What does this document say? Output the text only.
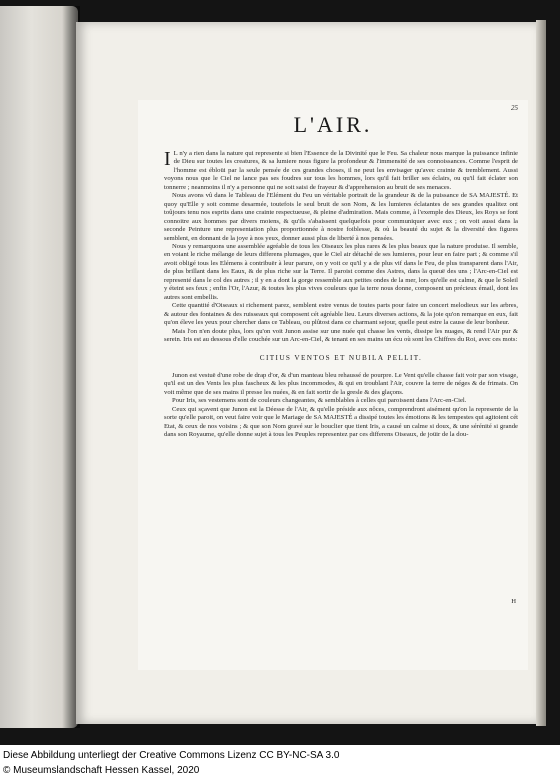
25
L'AIR.

I L n'y a rien dans la nature qui represente si bien l'Essence de la Divinité que le Feu. Sa chaleur nous marque la puissance infinie de Dieu sur toutes les creatures, & sa lumiere nous figure la profondeur & l'immensité de ses connoissances. Comme l'esprit de l'homme est ébloüi par la seule pensée de ces grandes choses, il ne peut les envisager qu'avec crainte & tremblement. Aussi voyons nous que le Ciel ne lance pas ses foudres sur tous les hommes, lors qu'il fait briller ses éclairs, ou qu'il fait éclater son tonnerre ; neanmoins il n'y a personne qui ne soit saisi de frayeur & d'apprehension au bruit de ses menaces.

Nous avons vû dans le Tableau de l'Elément du Feu un véritable portrait de la grandeur & de la puissance de SA MAJESTÉ. Et quoy qu'Elle y soit comme desarmée, toutefois le seul bruit de son Nom, & les lumieres éclatantes de ses grandes qualitez ont toûjours tenu nos esprits dans une crainte respectueuse, & pleine d'admiration. Mais comme, à l'exemple des Dieux, les Roys se font connoitre aux hommes par divers moiens, & qu'ils s'abaissent quelquefois pour communiquer avec eux ; on voit aussi dans la seconde Peinture une representation plus proportionnée à nostre foiblesse, & où la beauté du sujet & la diversité des figures semblent, en donnant de la joye à nos yeux, donner aussi plus de liberté à nos pensées.

Nous y remarquons une assemblée agréable de tous les Oiseaux les plus rares & les plus beaux que la nature produise. Il semble, en voiant le riche mélange de leurs differens plumages, que le Ciel air détaché de ses lumieres, pour leur en faire part ; & comme s'il avoit obligé tous les Elémens à contribuër à leur parure, on y voit ce qu'il y a de plus vif dans le Feu, de plus transparent dans l'Air, de plus brillant dans les Eaux, & de plus riche sur la Terre. Il paroist comme des Astres, dans la queuë des uns ; l'Arc-en-Ciel est representé dans le col des autres ; il y en a dont la gorge ressemble aux petites ondes de la mer, lors qu'elle est calme, & que le Soleil y éteint ses feux ; enfin l'Or, l'Azur, & toutes les plus vives couleurs que la terre nous donne, composent un précieux émail, dont les autres sont embellis.

Cette quantité d'Oiseaux si richement parez, semblent estre venus de toutes parts pour faire un concert melodieux sur les arbres, & autour des fontaines & des ruisseaux qui composent cét agréable lieu. Leurs diverses actions, & la joie qu'on remarque en eux, fait qu'on éleve les yeux pour chercher dans ce Tableau, ou plûtost dans ce charmant sejour, quelle peut estre la cause de leur bonheur.

Mais l'on n'en doute plus, lors qu'on voit Junon assise sur une nuée qui chasse les vents, dissipe les nuages, & rend l'Air pur & serein. Iris est au dessous d'elle couchée sur un Arc-en-Ciel, & tenant en ses mains un écu où sont les Chiffres du Roi, avec ces mots:

CITIUS VENTOS ET NUBILA PELLIT.

Junon est vestuë d'une robe de drap d'or, & d'un manteau bleu rehaussé de pourpre. Le Vent qu'elle chasse fait voir par son visage, qu'il est un des Vents les plus fascheux & les plus incommodes, & qui en troublant l'Air, couvre la terre de néges & de frimats. On voit même que de ses mains il presse les nuées, & en fait sortir de la gresle & des glaçons.

Pour Iris, ses vestemens sont de couleurs changeantes, & semblables à celles qui paroissent dans l'Arc-en-Ciel.

Ceux qui sçavent que Junon est la Déesse de l'Air, & qu'elle préside aux nôces, comprendront aisément qu'on la represente de la sorte qu'elle paroit, on veut faire voir que le Mariage de SA MAJESTÉ a dissipé toutes les émotions & les tempestes qui agitoient cét Etat, & ceux de nos voisins ; & que son Nom gravé sur le bouclier que tient Iris, a causé un calme si doux, & une sérénité si grande dans son Royaume, qu'elle donne sujet à tous les Peuples representez par ces differens Oiseaux, de joüir de la dou-

H
Diese Abbildung unterliegt der Creative Commons Lizenz CC BY-NC-SA 3.0
© Museumslandschaft Hessen Kassel, 2020
